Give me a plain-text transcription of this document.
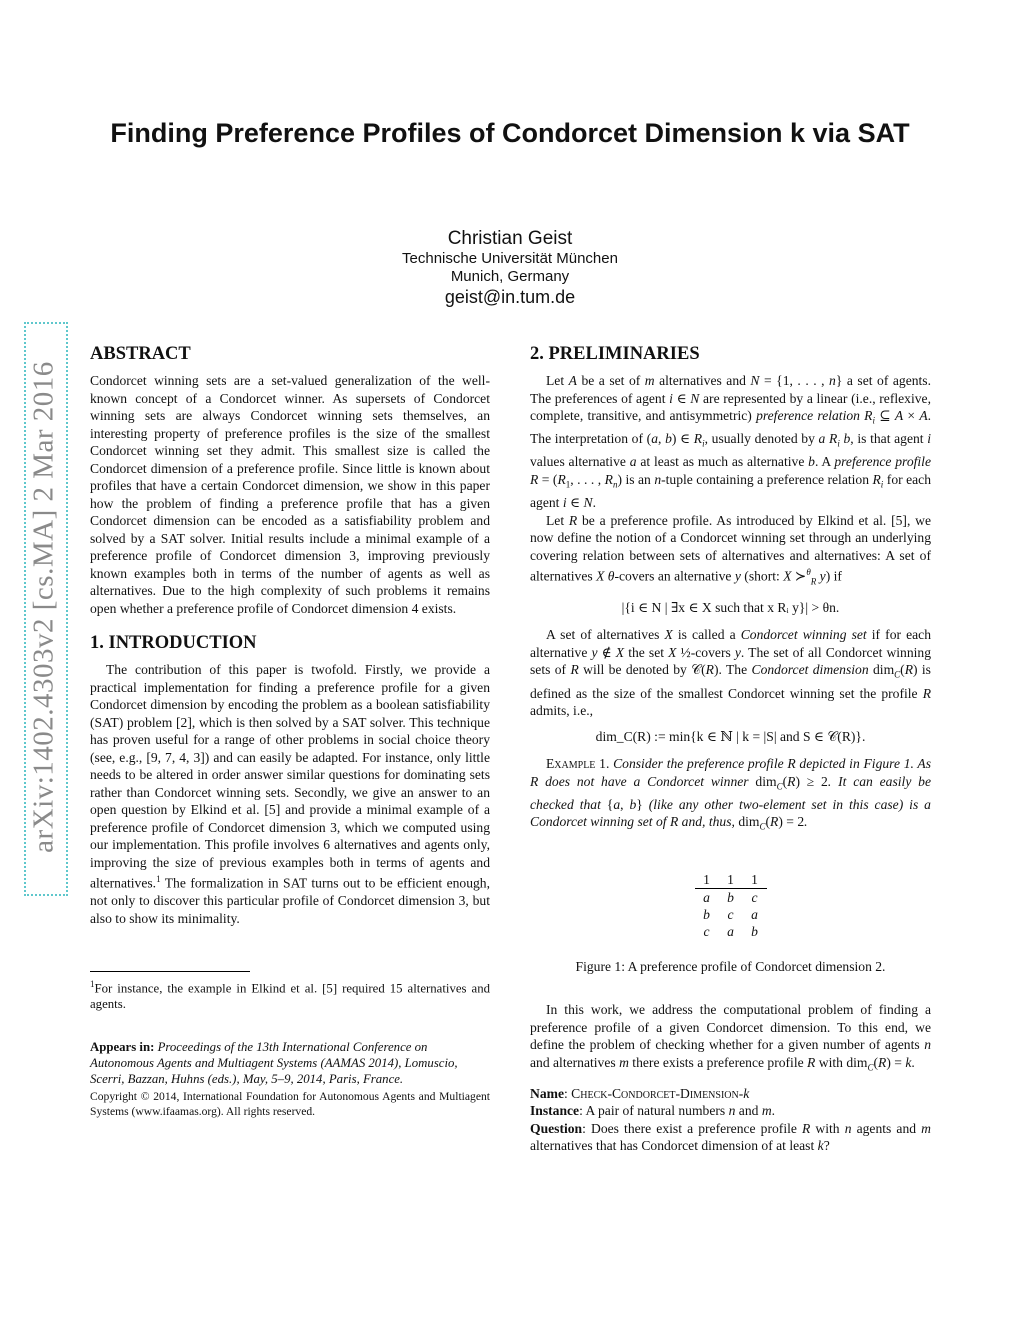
Finding Preference Profiles of Condorcet Dimension k via SAT
Christian Geist
Technische Universität München
Munich, Germany
geist@in.tum.de
arXiv:1402.4303v2 [cs.MA] 2 Mar 2016
ABSTRACT

Condorcet winning sets are a set-valued generalization of the well-known concept of a Condorcet winner. As supersets of Condorcet winning sets are always Condorcet winning sets themselves, an interesting property of preference profiles is the size of the smallest Condorcet winning set they admit. This smallest size is called the Condorcet dimension of a preference profile. Since little is known about profiles that have a certain Condorcet dimension, we show in this paper how the problem of finding a preference profile that has a given Condorcet dimension can be encoded as a satisfiability problem and solved by a SAT solver. Initial results include a minimal example of a preference profile of Condorcet dimension 3, improving previously known examples both in terms of the number of agents as well as alternatives. Due to the high complexity of such problems it remains open whether a preference profile of Condorcet dimension 4 exists.

1. INTRODUCTION

The contribution of this paper is twofold. Firstly, we provide a practical implementation for finding a preference profile for a given Condorcet dimension by encoding the problem as a boolean satisfiability (SAT) problem [2], which is then solved by a SAT solver. This technique has proven useful for a range of other problems in social choice theory (see, e.g., [9, 7, 4, 3]) and can easily be adapted. For instance, only little needs to be altered in order answer similar questions for dominating sets rather than Condorcet winning sets. Secondly, we give an answer to an open question by Elkind et al. [5] and provide a minimal example of a preference profile of Condorcet dimension 3, which we computed using our implementation. This profile involves 6 alternatives and agents only, improving the size of previous examples both in terms of agents and alternatives.$^1$ The formalization in SAT turns out to be efficient enough, not only to discover this particular profile of Condorcet dimension 3, but also to show its minimality.

$^1$For instance, the example in Elkind et al. [5] required 15 alternatives and agents.

Appears in: Proceedings of the 13th International Conference on Autonomous Agents and Multiagent Systems (AAMAS 2014), Lomuscio, Scerri, Bazzan, Huhns (eds.), May, 5–9, 2014, Paris, France.

Copyright © 2014, International Foundation for Autonomous Agents and Multiagent Systems (www.ifaamas.org). All rights reserved.

2. PRELIMINARIES

Let A be a set of m alternatives and N = {1, . . . , n} a set of agents. The preferences of agent i ∈ N are represented by a linear (i.e., reflexive, complete, transitive, and antisymmetric) preference relation $R_i$ ⊆ A × A. The interpretation of (a, b) ∈ $R_i$, usually denoted by a $R_i$ b, is that agent i values alternative a at least as much as alternative b. A preference profile $R = (R_1$, . . . , $R_n$) is an n-tuple containing a preference relation $R_i$ for each agent i ∈ N.

Let R be a preference profile. As introduced by Elkind et al. [5], we now define the notion of a Condorcet winning set through an underlying covering relation between sets of alternatives and alternatives: A set of alternatives X θ-covers an alternative y (short: X ≻$^\theta_R$ y) if

|{i ∈ N | ∃x ∈ X such that x Rᵢ y}| > θn.

A set of alternatives X is called a Condorcet winning set if for each alternative y ∉ X the set X ½-covers y. The set of all Condorcet winning sets of R will be denoted by 𝒞(R). The Condorcet dimension dim$_C$(R) is defined as the size of the smallest Condorcet winning set the profile R admits, i.e.,

dim_C(R) := min{k ∈ ℕ | k = |S| and S ∈ 𝒞(R)}.

Example 1. Consider the preference profile R depicted in Figure 1. As R does not have a Condorcet winner dim$_C$(R) ≥ 2. It can easily be checked that {a, b} (like any other two-element set in this case) is a Condorcet winning set of R and, thus, dim$_C$(R) = 2.

1	1	1
a	b	c
b	c	a
c	a	b
Figure 1: A preference profile of Condorcet dimension 2.

In this work, we address the computational problem of finding a preference profile of a given Condorcet dimension. To this end, we define the problem of checking whether for a given number of agents n and alternatives m there exists a preference profile R with dim$_C$(R) = k.

Name: Check-Condorcet-Dimension-k

Instance: A pair of natural numbers n and m.

Question: Does there exist a preference profile R with n agents and m alternatives that has Condorcet dimension of at least k?
